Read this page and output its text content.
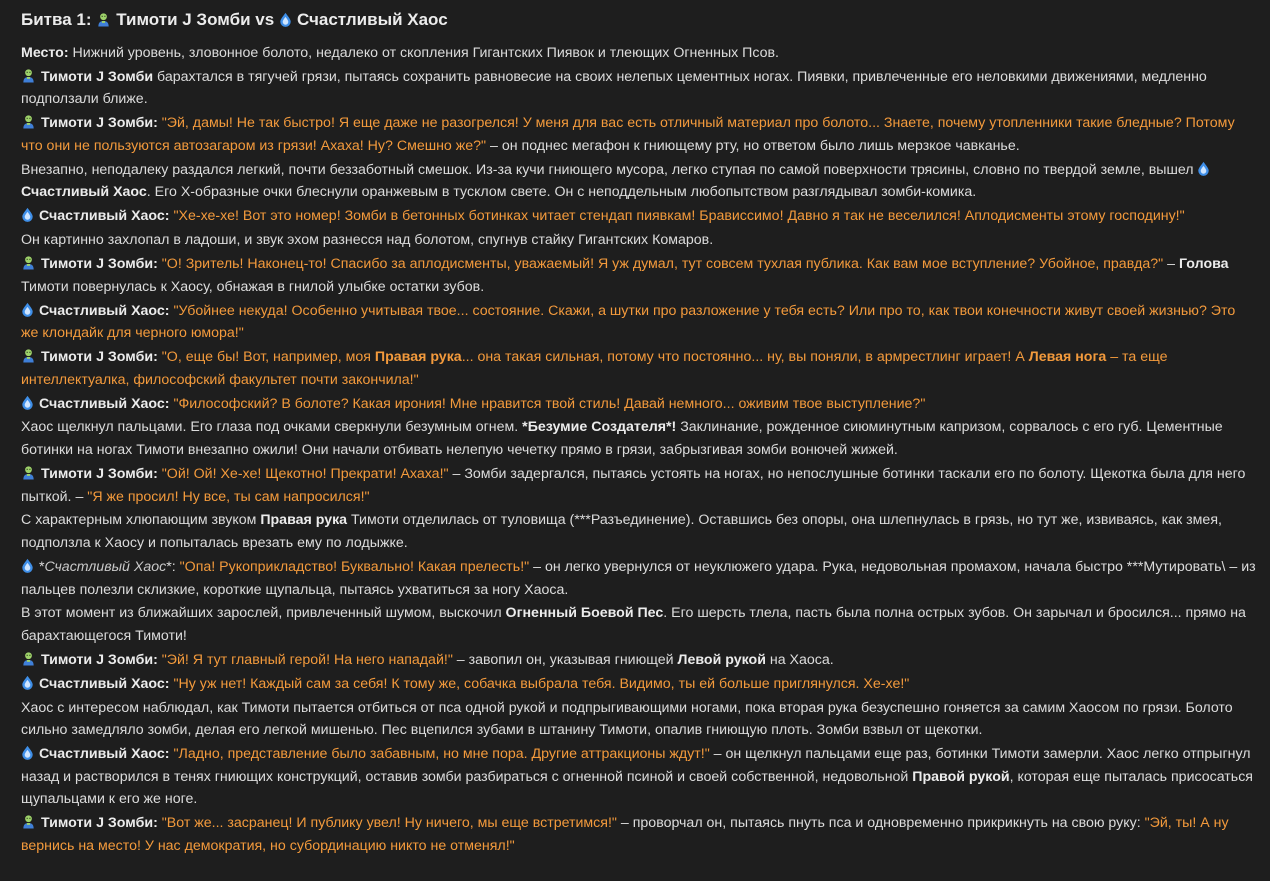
Битва 1: Тимоти J Зомби vs Счастливый Хаос

Место: Нижний уровень, зловонное болото, недалеко от скопления Гигантских Пиявок и тлеющих Огненных Псов.

Тимоти J Зомби барахтался в тягучей грязи, пытаясь сохранить равновесие на своих нелепых цементных ногах. Пиявки, привлеченные его неловкими движениями, медленно подползали ближе.

Тимоти J Зомби: "Эй, дамы! Не так быстро! Я еще даже не разогрелся! У меня для вас есть отличный материал про болото... Знаете, почему утопленники такие бледные? Потому что они не пользуются автозагаром из грязи! Ахаха! Ну? Смешно же?" – он поднес мегафон к гниющему рту, но ответом было лишь мерзкое чавканье.

Внезапно, неподалеку раздался легкий, почти беззаботный смешок. Из-за кучи гниющего мусора, легко ступая по самой поверхности трясины, словно по твердой земле, вышел
Счастливый Хаос. Его X-образные очки блеснули оранжевым в тусклом свете. Он с неподдельным любопытством разглядывал зомби-комика.

Счастливый Хаос: "Хе-хе-хе! Вот это номер! Зомби в бетонных ботинках читает стендап пиявкам! Брависсимо! Давно я так не веселился! Аплодисменты этому господину!"

Он картинно захлопал в ладоши, и звук эхом разнесся над болотом, спугнув стайку Гигантских Комаров.

Тимоти J Зомби: "О! Зритель! Наконец-то! Спасибо за аплодисменты, уважаемый! Я уж думал, тут совсем тухлая публика. Как вам мое вступление? Убойное, правда?" – Голова Тимоти повернулась к Хаосу, обнажая в гнилой улыбке остатки зубов.

Счастливый Хаос: "Убойнее некуда! Особенно учитывая твое... состояние. Скажи, а шутки про разложение у тебя есть? Или про то, как твои конечности живут своей жизнью? Это же клондайк для черного юмора!"

Тимоти J Зомби: "О, еще бы! Вот, например, моя Правая рука... она такая сильная, потому что постоянно... ну, вы поняли, в армрестлинг играет! А Левая нога – та еще интеллектуалка, философский факультет почти закончила!"

Счастливый Хаос: "Философский? В болоте? Какая ирония! Мне нравится твой стиль! Давай немного... оживим твое выступление?"

Хаос щелкнул пальцами. Его глаза под очками сверкнули безумным огнем. *Безумие Создателя*! Заклинание, рожденное сиюминутным капризом, сорвалось с его губ. Цементные ботинки на ногах Тимоти внезапно ожили! Они начали отбивать нелепую чечетку прямо в грязи, забрызгивая зомби вонючей жижей.

Тимоти J Зомби: "Ой! Ой! Хе-хе! Щекотно! Прекрати! Ахаха!" – Зомби задергался, пытаясь устоять на ногах, но непослушные ботинки таскали его по болоту. Щекотка была для него пыткой. – "Я же просил! Ну все, ты сам напросился!"

С характерным хлюпающим звуком Правая рука Тимоти отделилась от туловища (***Разъединение). Оставшись без опоры, она шлепнулась в грязь, но тут же, извиваясь, как змея, подползла к Хаосу и попыталась врезать ему по лодыжке.

*Счастливый Хаос*: "Опа! Рукоприкладство! Буквально! Какая прелесть!" – он легко увернулся от неуклюжего удара. Рука, недовольная промахом, начала быстро ***Мутировать\ – из пальцев полезли склизкие, короткие щупальца, пытаясь ухватиться за ногу Хаоса.

В этот момент из ближайших зарослей, привлеченный шумом, выскочил Огненный Боевой Пес. Его шерсть тлела, пасть была полна острых зубов. Он зарычал и бросился... прямо на барахтающегося Тимоти!

Тимоти J Зомби: "Эй! Я тут главный герой! На него нападай!" – завопил он, указывая гниющей Левой рукой на Хаоса.

Счастливый Хаос: "Ну уж нет! Каждый сам за себя! К тому же, собачка выбрала тебя. Видимо, ты ей больше приглянулся. Хе-хе!"

Хаос с интересом наблюдал, как Тимоти пытается отбиться от пса одной рукой и подпрыгивающими ногами, пока вторая рука безуспешно гоняется за самим Хаосом по грязи. Болото сильно замедляло зомби, делая его легкой мишенью. Пес вцепился зубами в штанину Тимоти, опалив гниющую плоть. Зомби взвыл от щекотки.

Счастливый Хаос: "Ладно, представление было забавным, но мне пора. Другие аттракционы ждут!" – он щелкнул пальцами еще раз, ботинки Тимоти замерли. Хаос легко отпрыгнул назад и растворился в тенях гниющих конструкций, оставив зомби разбираться с огненной псиной и своей собственной, недовольной Правой рукой, которая еще пыталась присосаться щупальцами к его же ноге.

Тимоти J Зомби: "Вот же... засранец! И публику увел! Ну ничего, мы еще встретимся!" – проворчал он, пытаясь пнуть пса и одновременно прикрикнуть на свою руку: "Эй, ты! А ну вернись на место! У нас демократия, но субординацию никто не отменял!"
